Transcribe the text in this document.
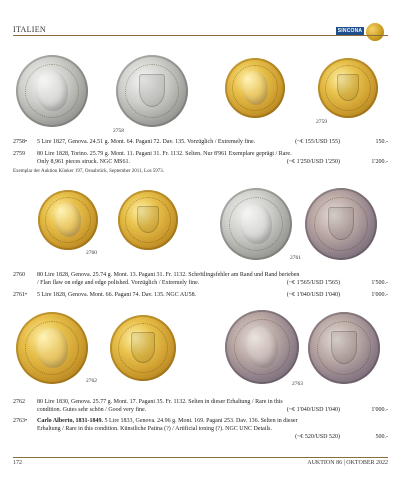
ITALIEN	SINCONA
2758
2759
2758•	5 Lire 1827, Genova. 24.51 g. Mont. 64. Pagani 72. Dav. 135. Vorzüglich / Extremely fine.	(~€ 155/USD 155)	150.-
2759	80 Lire 1828, Torino. 25.79 g. Mont. 11. Pagani 31. Fr. 1132. Selten. Nur 8'961 Exemplare geprägt / Rare.
Only 8,961 pieces struck. NGC MS61.	(~€ 1'250/USD 1'250)	1'200.-
Exemplar der Auktion Künker 197, Osnabrück, September 2011, Los 5973.
2760
2761
2760	80 Lire 1828, Genova. 25.74 g. Mont. 13. Pagani 31. Fr. 1132. Schrötlingsfehler am Rand und Rand berieben
/ Flan flaw on edge and edge polished. Vorzüglich / Extremely fine.	(~€ 1'565/USD 1'565)	1'500.-
2761•	5 Lire 1828, Genova. Mont. 66. Pagani 74. Dav. 135. NGC AU58.	(~€ 1'040/USD 1'040)	1'000.-
2762	2763
2762	80 Lire 1830, Genova. 25.77 g. Mont. 17. Pagani 35. Fr. 1132. Selten in dieser Erhaltung / Rare in this
condition. Gutes sehr schön / Good very fine.	(~€ 1'040/USD 1'040)	1'000.-
2763•	Carlo Alberto, 1831-1849. 5 Lire 1833, Genova. 24.96 g. Mont. 169. Pagani 253. Dav. 136. Selten in dieser
Erhaltung / Rare in this condition. Künstliche Patina (?) / Artificial toning (?). NGC UNC Details.
(~€ 520/USD 520)	500.-
172	AUKTION 86 | OKTOBER 2022
